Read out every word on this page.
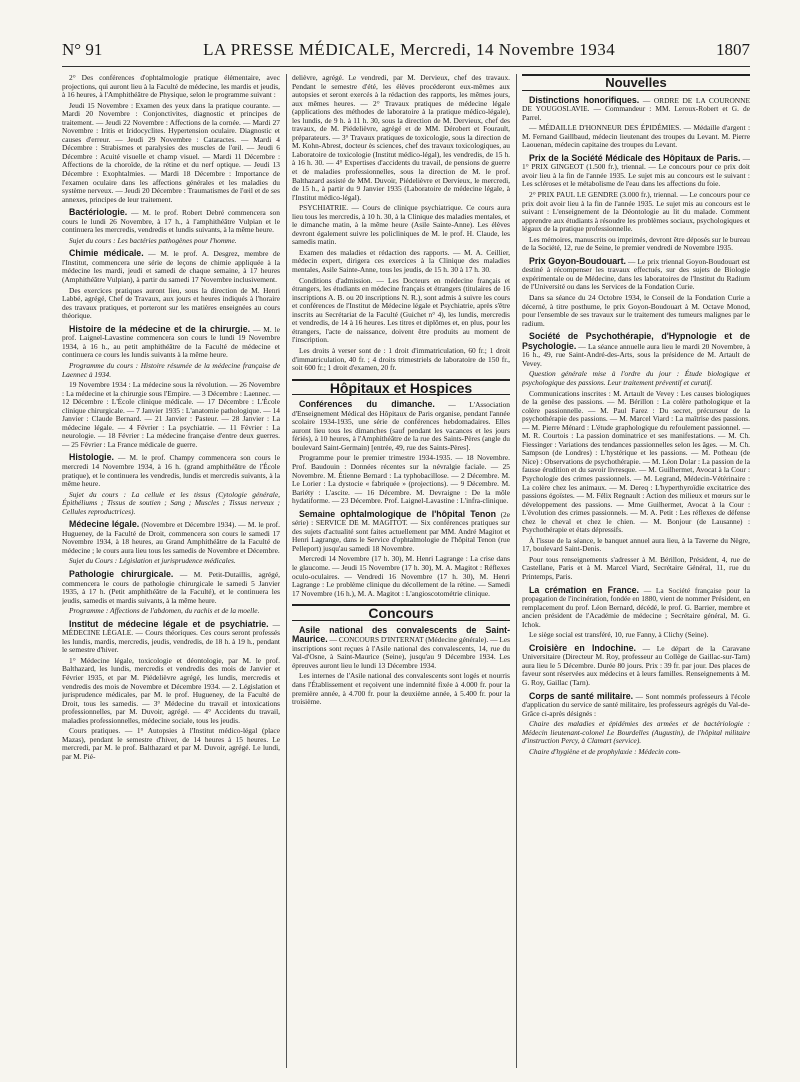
N° 91	LA PRESSE MÉDICALE, Mercredi, 14 Novembre 1934	1807

2° Des conférences d'ophtalmologie pratique élémentaire, avec projections, qui auront lieu à la Faculté de médecine, les mardis et jeudis, à 16 heures, à l'Amphithéâtre de Physique, selon le programme suivant :

Jeudi 15 Novembre : Examen des yeux dans la pratique courante. — Mardi 20 Novembre : Conjonctivites, diagnostic et principes de traitement. — Jeudi 22 Novembre : Affections de la cornée. — Mardi 27 Novembre : Iritis et Iridocyclites. Hypertension oculaire. Diagnostic et causes d'erreur. — Jeudi 29 Novembre : Cataractes. — Mardi 4 Décembre : Strabismes et paralysies des muscles de l'œil. — Jeudi 6 Décembre : Acuité visuelle et champ visuel. — Mardi 11 Décembre : Affections de la choroïde, de la rétine et du nerf optique. — Jeudi 13 Décembre : Exophtalmies. — Mardi 18 Décembre : Importance de l'examen oculaire dans les affections générales et les maladies du système nerveux. — Jeudi 20 Décembre : Traumatismes de l'œil et de ses annexes, principes de leur traitement.

Bactériologie. — M. le prof. Robert Debré commencera son cours le lundi 26 Novembre, à 17 h., à l'amphithéâtre Vulpian et le continuera les mercredis, vendredis et lundis suivants, à la même heure.

Sujet du cours : Les bactéries pathogènes pour l'homme.

Chimie médicale. — M. le prof. A. Desgrez, membre de l'Institut, commencera une série de leçons de chimie appliquée à la médecine les mardi, jeudi et samedi de chaque semaine, à 17 heures (Amphithéâtre Vulpian), à partir du samedi 17 Novembre inclusivement.

Des exercices pratiques auront lieu, sous la direction de M. Henri Labbé, agrégé, Chef de Travaux, aux jours et heures indiqués à l'horaire des travaux pratiques, et porteront sur les matières enseignées au cours théorique.

Histoire de la médecine et de la chirurgie. — M. le prof. Laignel-Lavastine commencera son cours le lundi 19 Novembre 1934, à 16 h., au petit amphithéâtre de la Faculté de médecine et continuera ce cours les lundis suivants à la même heure.

Programme du cours : Histoire résumée de la médecine française de Laennec à 1934.

19 Novembre 1934 : La médecine sous la révolution. — 26 Novembre : La médecine et la chirurgie sous l'Empire. — 3 Décembre : Laennec. — 12 Décembre : L'École clinique médicale. — 17 Décembre : L'École clinique chirurgicale. — 7 Janvier 1935 : L'anatomie pathologique. — 14 Janvier : Claude Bernard. — 21 Janvier : Pasteur. — 28 Janvier : La médecine légale. — 4 Février : La psychiatrie. — 11 Février : La neurologie. — 18 Février : La médecine française d'entre deux guerres. — 25 Février : La France médicale de guerre.

Histologie. — M. le prof. Champy commencera son cours le mercredi 14 Novembre 1934, à 16 h. (grand amphithéâtre de l'École pratique), et le continuera les vendredis, lundis et mercredis suivants, à la même heure.

Sujet du cours : La cellule et les tissus (Cytologie générale, Épithéliums ; Tissus de soutien ; Sang ; Muscles ; Tissus nerveux ; Cellules reproductrices).

Médecine légale. (Novembre et Décembre 1934). — M. le prof. Hugueney, de la Faculté de Droit, commencera son cours le samedi 17 Novembre 1934, à 18 heures, au Grand Amphithéâtre de la Faculté de médecine ; le cours aura lieu tous les samedis de Novembre et Décembre.

Sujet du Cours : Législation et jurisprudence médicales.

Pathologie chirurgicale. — M. Petit-Dutaillis, agrégé, commencera le cours de pathologie chirurgicale le samedi 5 Janvier 1935, à 17 h. (Petit amphithéâtre de la Faculté), et le continuera les jeudis, samedis et mardis suivants, à la même heure.

Programme : Affections de l'abdomen, du rachis et de la moelle.

Institut de médecine légale et de psychiatrie. — MÉDECINE LÉGALE. — Cours théoriques. Ces cours seront professés les lundis, mardis, mercredis, jeudis, vendredis, de 18 h. à 19 h., pendant le semestre d'hiver.

1° Médecine légale, toxicologie et déontologie, par M. le prof. Balthazard, les lundis, mercredis et vendredis des mois de Janvier et Février 1935, et par M. Piédelièvre agrégé, les lundis, mercredis et vendredis des mois de Novembre et Décembre 1934. — 2. Législation et jurisprudence médicales, par M. le prof. Hugueney, de la Faculté de Droit, tous les samedis. — 3° Médecine du travail et intoxications professionnelles, par M. Duvoir, agrégé. — 4° Accidents du travail, maladies professionnelles, médecine sociale, tous les jeudis.

Cours pratiques. — 1° Autopsies à l'Institut médico-légal (place Mazas), pendant le semestre d'hiver, de 14 heures à 15 heures. Le mercredi, par M. le prof. Balthazard et par M. Duvoir, agrégé. Le lundi, par M. Pié-

delièvre, agrégé. Le vendredi, par M. Dervieux, chef des travaux. Pendant le semestre d'été, les élèves procéderont eux-mêmes aux autopsies et seront exercés à la rédaction des rapports, les mêmes jours, aux mêmes heures. — 2° Travaux pratiques de médecine légale (applications des méthodes de laboratoire à la pratique médico-légale), les lundis, de 9 h. à 11 h. 30, sous la direction de M. Dervieux, chef des travaux, de M. Piédelièvre, agrégé et de MM. Dérobert et Fourault, préparateurs. — 3° Travaux pratiques de toxicologie, sous la direction de M. Kohn-Abrest, docteur ès sciences, chef des travaux toxicologiques, au Laboratoire de toxicologie (Institut médico-légal), les vendredis, de 15 h. à 16 h. 30. — 4° Expertises d'accidents du travail, de pensions de guerre et de maladies professionnelles, sous la direction de M. le prof. Balthazard assisté de MM. Duvoir, Piédelièvre et Dervieux, le mercredi, de 15 h., à partir du 9 Janvier 1935 (Laboratoire de médecine légale, à l'Institut médico-légal).

PSYCHIATRIE. — Cours de clinique psychiatrique. Ce cours aura lieu tous les mercredis, à 10 h. 30, à la Clinique des maladies mentales, et le dimanche matin, à la même heure (Asile Sainte-Anne). Les élèves devront également suivre les policliniques de M. le prof. H. Claude, les samedis matin.

Examen des maladies et rédaction des rapports. — M. A. Ceillier, médecin expert, dirigera ces exercices à la Clinique des maladies mentales, Asile Sainte-Anne, tous les jeudis, de 15 h. 30 à 17 h. 30.

Conditions d'admission. — Les Docteurs en médecine français et étrangers, les étudiants en médecine français et étrangers (titulaires de 16 inscriptions A. B. ou 20 inscriptions N. R.), sont admis à suivre les cours et conférences de l'Institut de Médecine légale et Psychiatrie, après s'être inscrits au Secrétariat de la Faculté (Guichet n° 4), les lundis, mercredis et vendredis, de 14 à 16 heures. Les titres et diplômes et, en plus, pour les étrangers, l'acte de naissance, doivent être produits au moment de l'inscription.

Les droits à verser sont de : 1 droit d'immatriculation, 60 fr.; 1 droit d'immatriculation, 40 fr. ; 4 droits trimestriels de laboratoire de 150 fr., soit 600 fr.; 1 droit d'examen, 20 fr.

Hôpitaux et Hospices

Conférences du dimanche. — L'Association d'Enseignement Médical des Hôpitaux de Paris organise, pendant l'année scolaire 1934-1935, une série de conférences hebdomadaires. Elles auront lieu tous les dimanches (sauf pendant les vacances et les jours fériés), à 10 heures, à l'Amphithéâtre de la rue des Saints-Pères (angle du boulevard Saint-Germain) [entrée, 49, rue des Saints-Pères].

Programme pour le premier trimestre 1934-1935. — 18 Novembre. Prof. Baudouin : Données récentes sur la névralgie faciale. — 25 Novembre. M. Étienne Bernard : La typhobacillose. — 2 Décembre. M. Le Lorier : La dystocie « fabriquée » (projections). — 9 Décembre. M. Bariéty : L'ascite. — 16 Décembre. M. Devraigne : De la môle hydatiforme. — 23 Décembre. Prof. Laignel-Lavastine : L'infra-clinique.

Semaine ophtalmologique de l'hôpital Tenon (2e série) : SERVICE DE M. MAGITOT. — Six conférences pratiques sur des sujets d'actualité sont faites actuellement par MM. André Magitot et Henri Lagrange, dans le Service d'ophtalmologie de l'hôpital Tenon (rue Pelleport) jusqu'au samedi 18 Novembre.

Mercredi 14 Novembre (17 h. 30), M. Henri Lagrange : La crise dans le glaucome. — Jeudi 15 Novembre (17 h. 30), M. A. Magitot : Réflexes oculo-oculaires. — Vendredi 16 Novembre (17 h. 30), M. Henri Lagrange : Le problème clinique du décollement de la rétine. — Samedi 17 Novembre (16 h.), M. A. Magitot : L'angioscotométrie clinique.

Concours

Asile national des convalescents de Saint-Maurice. — CONCOURS D'INTERNAT (Médecine générale). — Les inscriptions sont reçues à l'Asile national des convalescents, 14, rue du Val-d'Osne, à Saint-Maurice (Seine), jusqu'au 9 Décembre 1934. Les épreuves auront lieu le lundi 13 Décembre 1934.

Les internes de l'Asile national des convalescents sont logés et nourris dans l'Établissement et reçoivent une indemnité fixée à 4.000 fr. pour la première année, à 4.700 fr. pour la deuxième année, à 5.400 fr. pour la troisième.

Nouvelles

Distinctions honorifiques. — ORDRE DE LA COURONNE DE YOUGOSLAVIE. — Commandeur : MM. Leroux-Robert et G. de Parrel.

— MÉDAILLE D'HONNEUR DES ÉPIDÉMIES. — Médaille d'argent : M. Fernand Gaillbaud, médecin lieutenant des troupes du Levant. M. Pierre Laouenan, médecin capitaine des troupes du Levant.

Prix de la Société Médicale des Hôpitaux de Paris. — 1° PRIX GINGEOT (1.500 fr.), triennal. — Le concours pour ce prix doit avoir lieu à la fin de l'année 1935. Le sujet mis au concours est le suivant : Les scléroses et le métabolisme de l'eau dans les affections du foie.

2° PRIX PAUL LE GENDRE (3.000 fr.), triennal. — Le concours pour ce prix doit avoir lieu à la fin de l'année 1935. Le sujet mis au concours est le suivant : L'enseignement de la Déontologie au lit du malade. Comment apprendre aux étudiants à résoudre les problèmes sociaux, psychologiques et légaux de la pratique professionnelle.

Les mémoires, manuscrits ou imprimés, devront être déposés sur le bureau de la Société, 12, rue de Seine, le premier vendredi de Novembre 1935.

Prix Goyon-Boudouart. — Le prix triennal Goyon-Boudouart est destiné à récompenser les travaux effectués, sur des sujets de Biologie expérimentale ou de Médecine, dans les laboratoires de l'Institut du Radium de l'Université ou dans les Services de la Fondation Curie.

Dans sa séance du 24 Octobre 1934, le Conseil de la Fondation Curie a décerné, à titre posthume, le prix Goyon-Boudouart à M. Octave Monod, pour l'ensemble de ses travaux sur le traitement des tumeurs malignes par le radium.

Société de Psychothérapie, d'Hypnologie et de Psychologie. — La séance annuelle aura lieu le mardi 20 Novembre, à 16 h., 49, rue Saint-André-des-Arts, sous la présidence de M. Artault de Vevey.

Question générale mise à l'ordre du jour : Étude biologique et psychologique des passions. Leur traitement préventif et curatif.

Communications inscrites : M. Artault de Vevey : Les causes biologiques de la genèse des passions. — M. Bérillon : La colère pathologique et la colère passionnelle. — M. Paul Farez : Du secret, précurseur de la psychothérapie des passions. — M. Marcel Viard : La maîtrise des passions. — M. Pierre Ménard : L'étude graphologique du refoulement passionnel. — M. R. Courtois : La passion dominatrice et ses manifestations. — M. Ch. Fiessinger : Variations des tendances passionnelles selon les âges. — M. Ch. Sampson (de Londres) : L'hystérique et les passions. — M. Potheau (de Nice) : Observations de psychothérapie. — M. Léon Dolar : La passion de la fausse érudition et du savoir livresque. — M. Guilhermet, Avocat à la Cour : Psychologie des crimes passionnels. — M. Legrand, Médecin-Vétérinaire : La colère chez les animaux. — M. Dereq : L'hyperthyroïdie excitatrice des passions égoïstes. — M. Félix Regnault : Action des milieux et mœurs sur le développement des passions. — Mme Guilhermet, Avocat à la Cour : L'évolution des crimes passionnels. — M. A. Petit : Les réflexes de défense chez le cheval et chez le chien. — M. Bonjour (de Lausanne) : Psychothérapie et états dépressifs.

À l'issue de la séance, le banquet annuel aura lieu, à la Taverne du Nègre, 17, boulevard Saint-Denis.

Pour tous renseignements s'adresser à M. Bérillon, Président, 4, rue de Castellane, Paris et à M. Marcel Viard, Secrétaire Général, 11, rue du Printemps, Paris.

La crémation en France. — La Société française pour la propagation de l'incinération, fondée en 1880, vient de nommer Président, en remplacement du prof. Léon Bernard, décédé, le prof. G. Barrier, membre et ancien président de l'Académie de médecine ; Secrétaire général, M. G. Ichok.

Le siège social est transféré, 10, rue Fanny, à Clichy (Seine).

Croisière en Indochine. — Le départ de la Caravane Universitaire (Directeur M. Roy, professeur au Collège de Gaillac-sur-Tarn) aura lieu le 5 Décembre. Durée 80 jours. Prix : 39 fr. par jour. Des places de faveur sont réservées aux médecins et à leurs familles. Renseignements à M. G. Roy, Gaillac (Tarn).

Corps de santé militaire. — Sont nommés professeurs à l'école d'application du service de santé militaire, les professeurs agrégés du Val-de-Grâce ci-après désignés :

Chaire des maladies et épidémies des armées et de bactériologie : Médecin lieutenant-colonel Le Bourdelles (Augustin), de l'hôpital militaire d'instruction Percy, à Clamart (service).

Chaire d'hygiène et de prophylaxie : Médecin com-
